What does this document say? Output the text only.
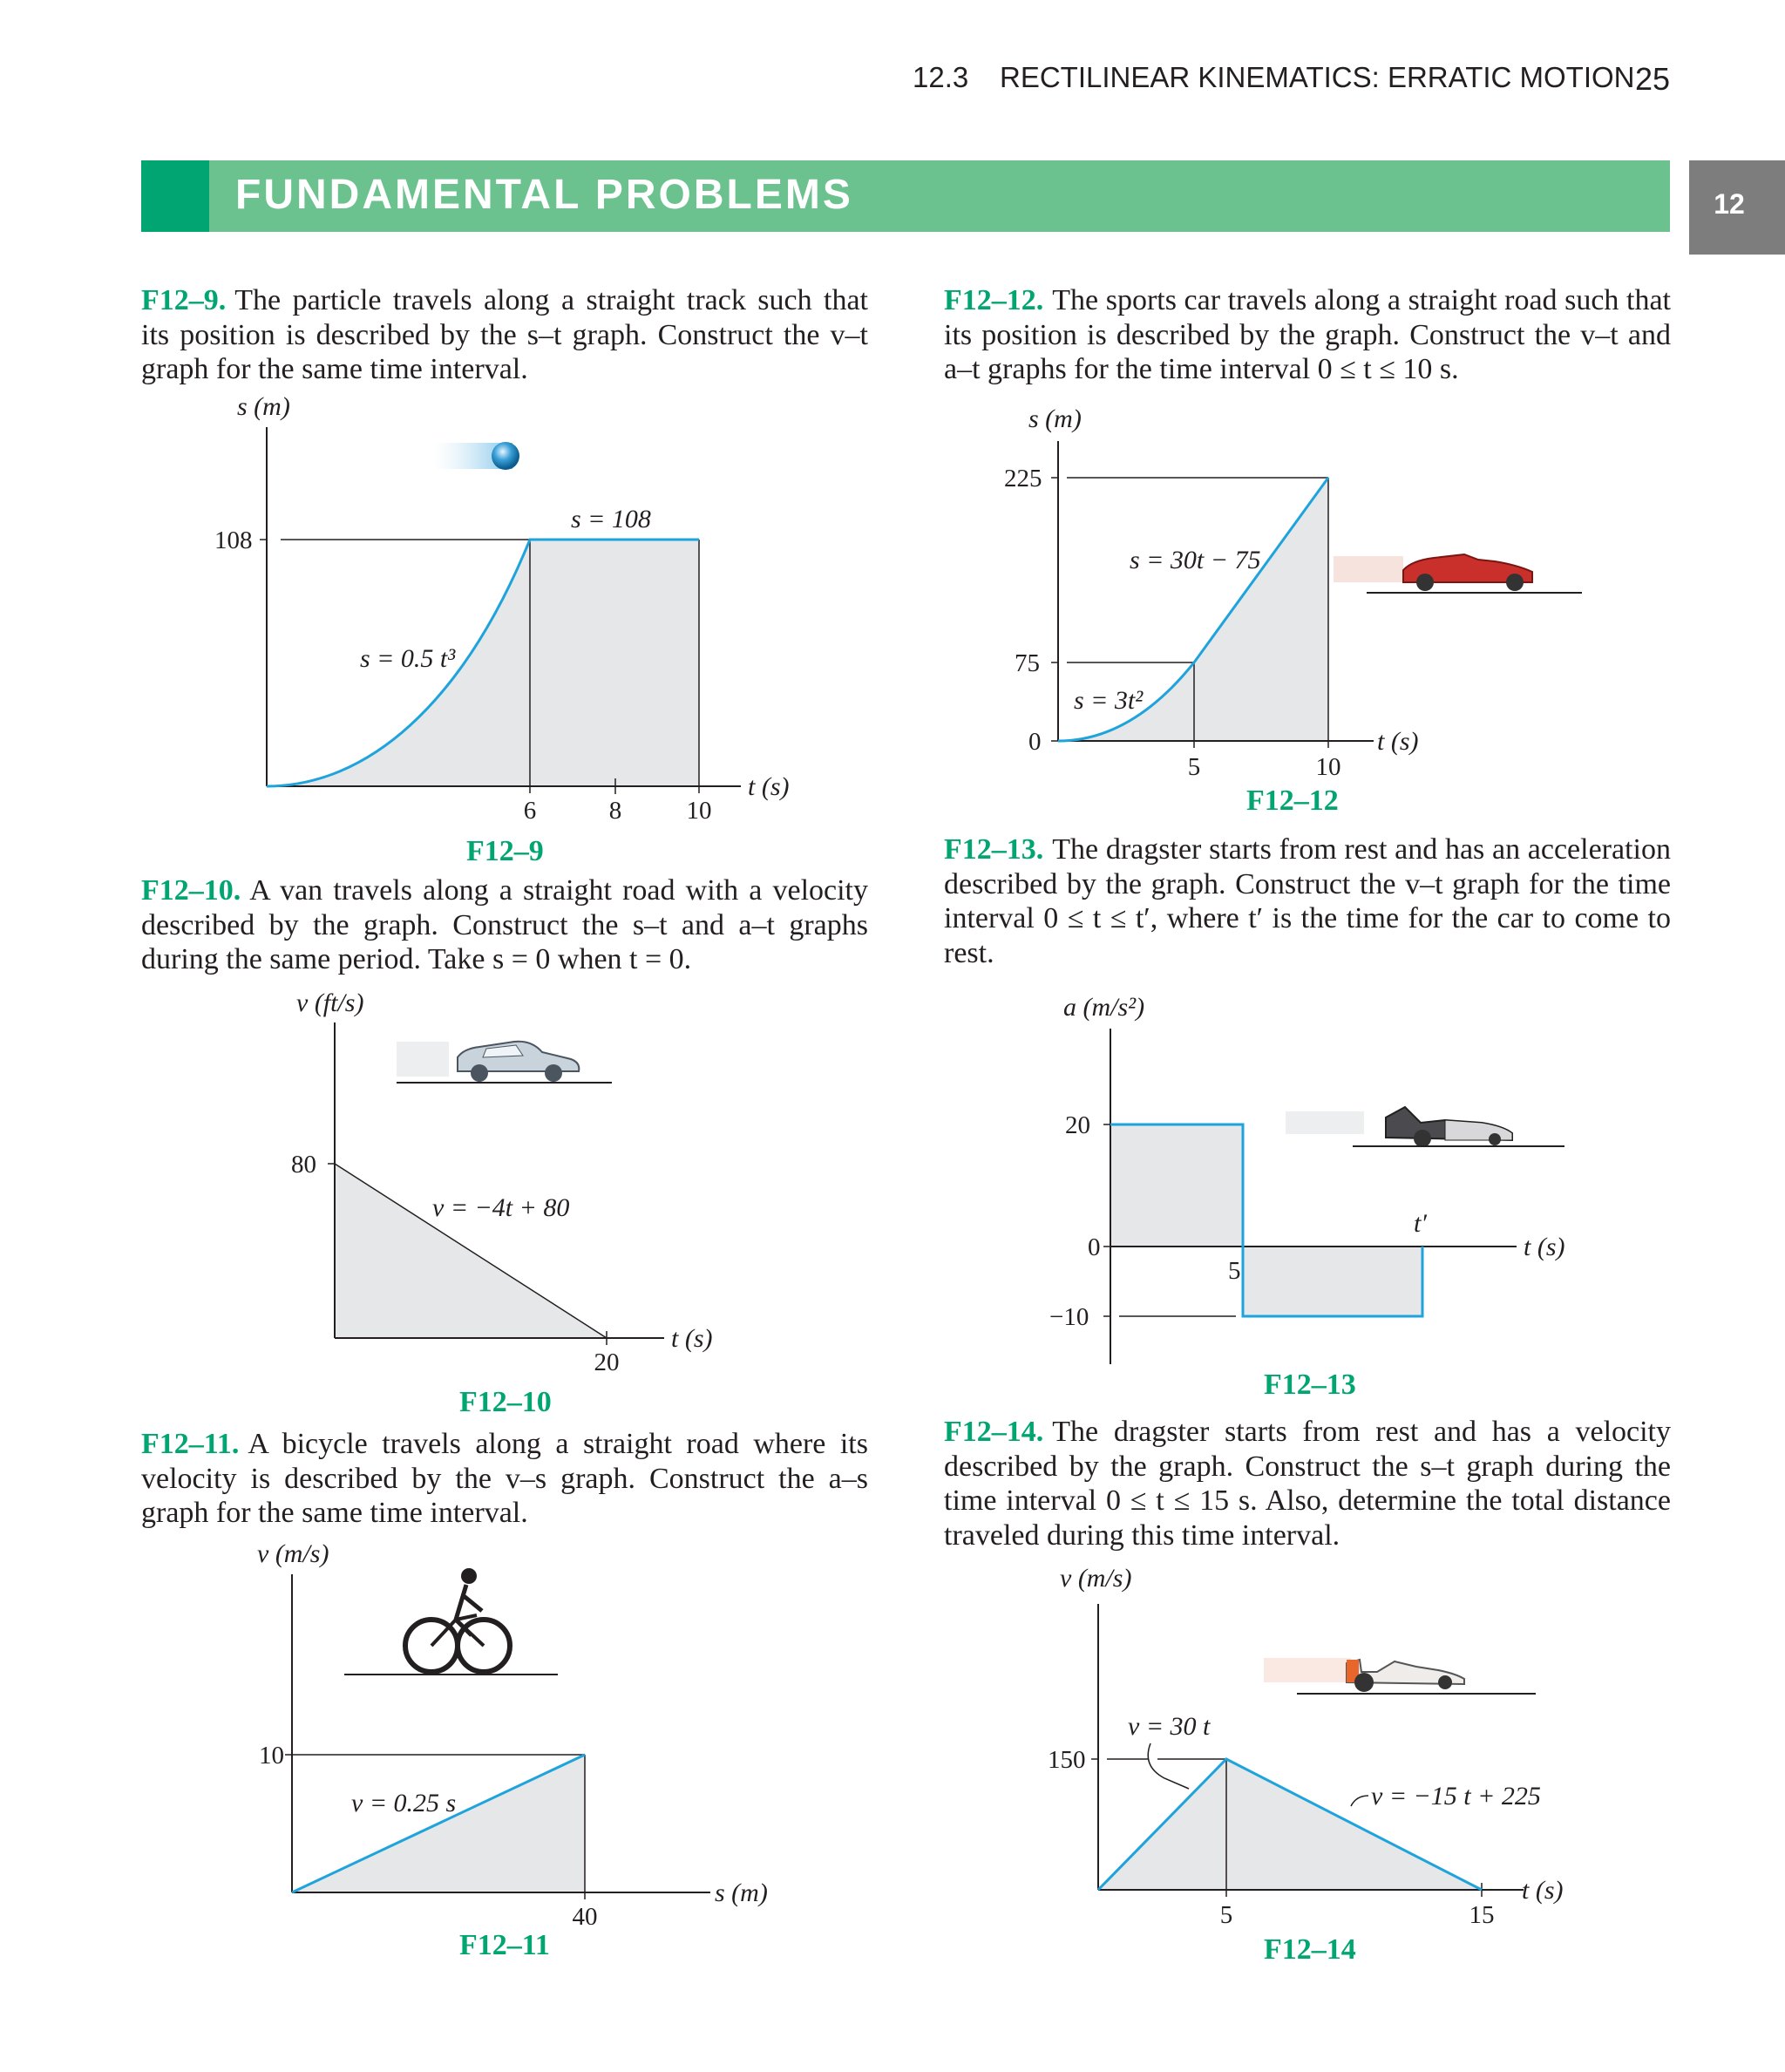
12.3 RECTILINEAR KINEMATICS: ERRATIC MOTION 25
FUNDAMENTAL PROBLEMS	12
F12–9. The particle travels along a straight track such that its position is described by the s–t graph. Construct the v–t graph for the same time interval.
F12–10. A van travels along a straight road with a velocity described by the graph. Construct the s–t and a–t graphs during the same period. Take s = 0 when t = 0.
F12–11. A bicycle travels along a straight road where its velocity is described by the v–s graph. Construct the a–s graph for the same time interval.
F12–12. The sports car travels along a straight road such that its position is described by the graph. Construct the v–t and a–t graphs for the time interval 0 ≤ t ≤ 10 s.
F12–13. The dragster starts from rest and has an acceleration described by the graph. Construct the v–t graph for the time interval 0 ≤ t ≤ t′, where t′ is the time for the car to come to rest.
F12–14. The dragster starts from rest and has a velocity described by the graph. Construct the s–t graph during the time interval 0 ≤ t ≤ 15 s. Also, determine the total distance traveled during this time interval.
F12–9
F12–10
F12–11
F12–12
F12–13
F12–14
s (m)
108
6	8	10
t (s)
s = 0.5 t³
s = 108
v (ft/s)
80
20
t (s)
v = −4t + 80
v (m/s)
10
40
s (m)
v = 0.25 s
s (m)
225
75
0
5	10
t (s)
s = 30t − 75
s = 3t²
a (m/s²)
20
0
−10
5
t′
t (s)
v (m/s)
150
5	15
t (s)
v = 30 t
v = −15 t + 225
